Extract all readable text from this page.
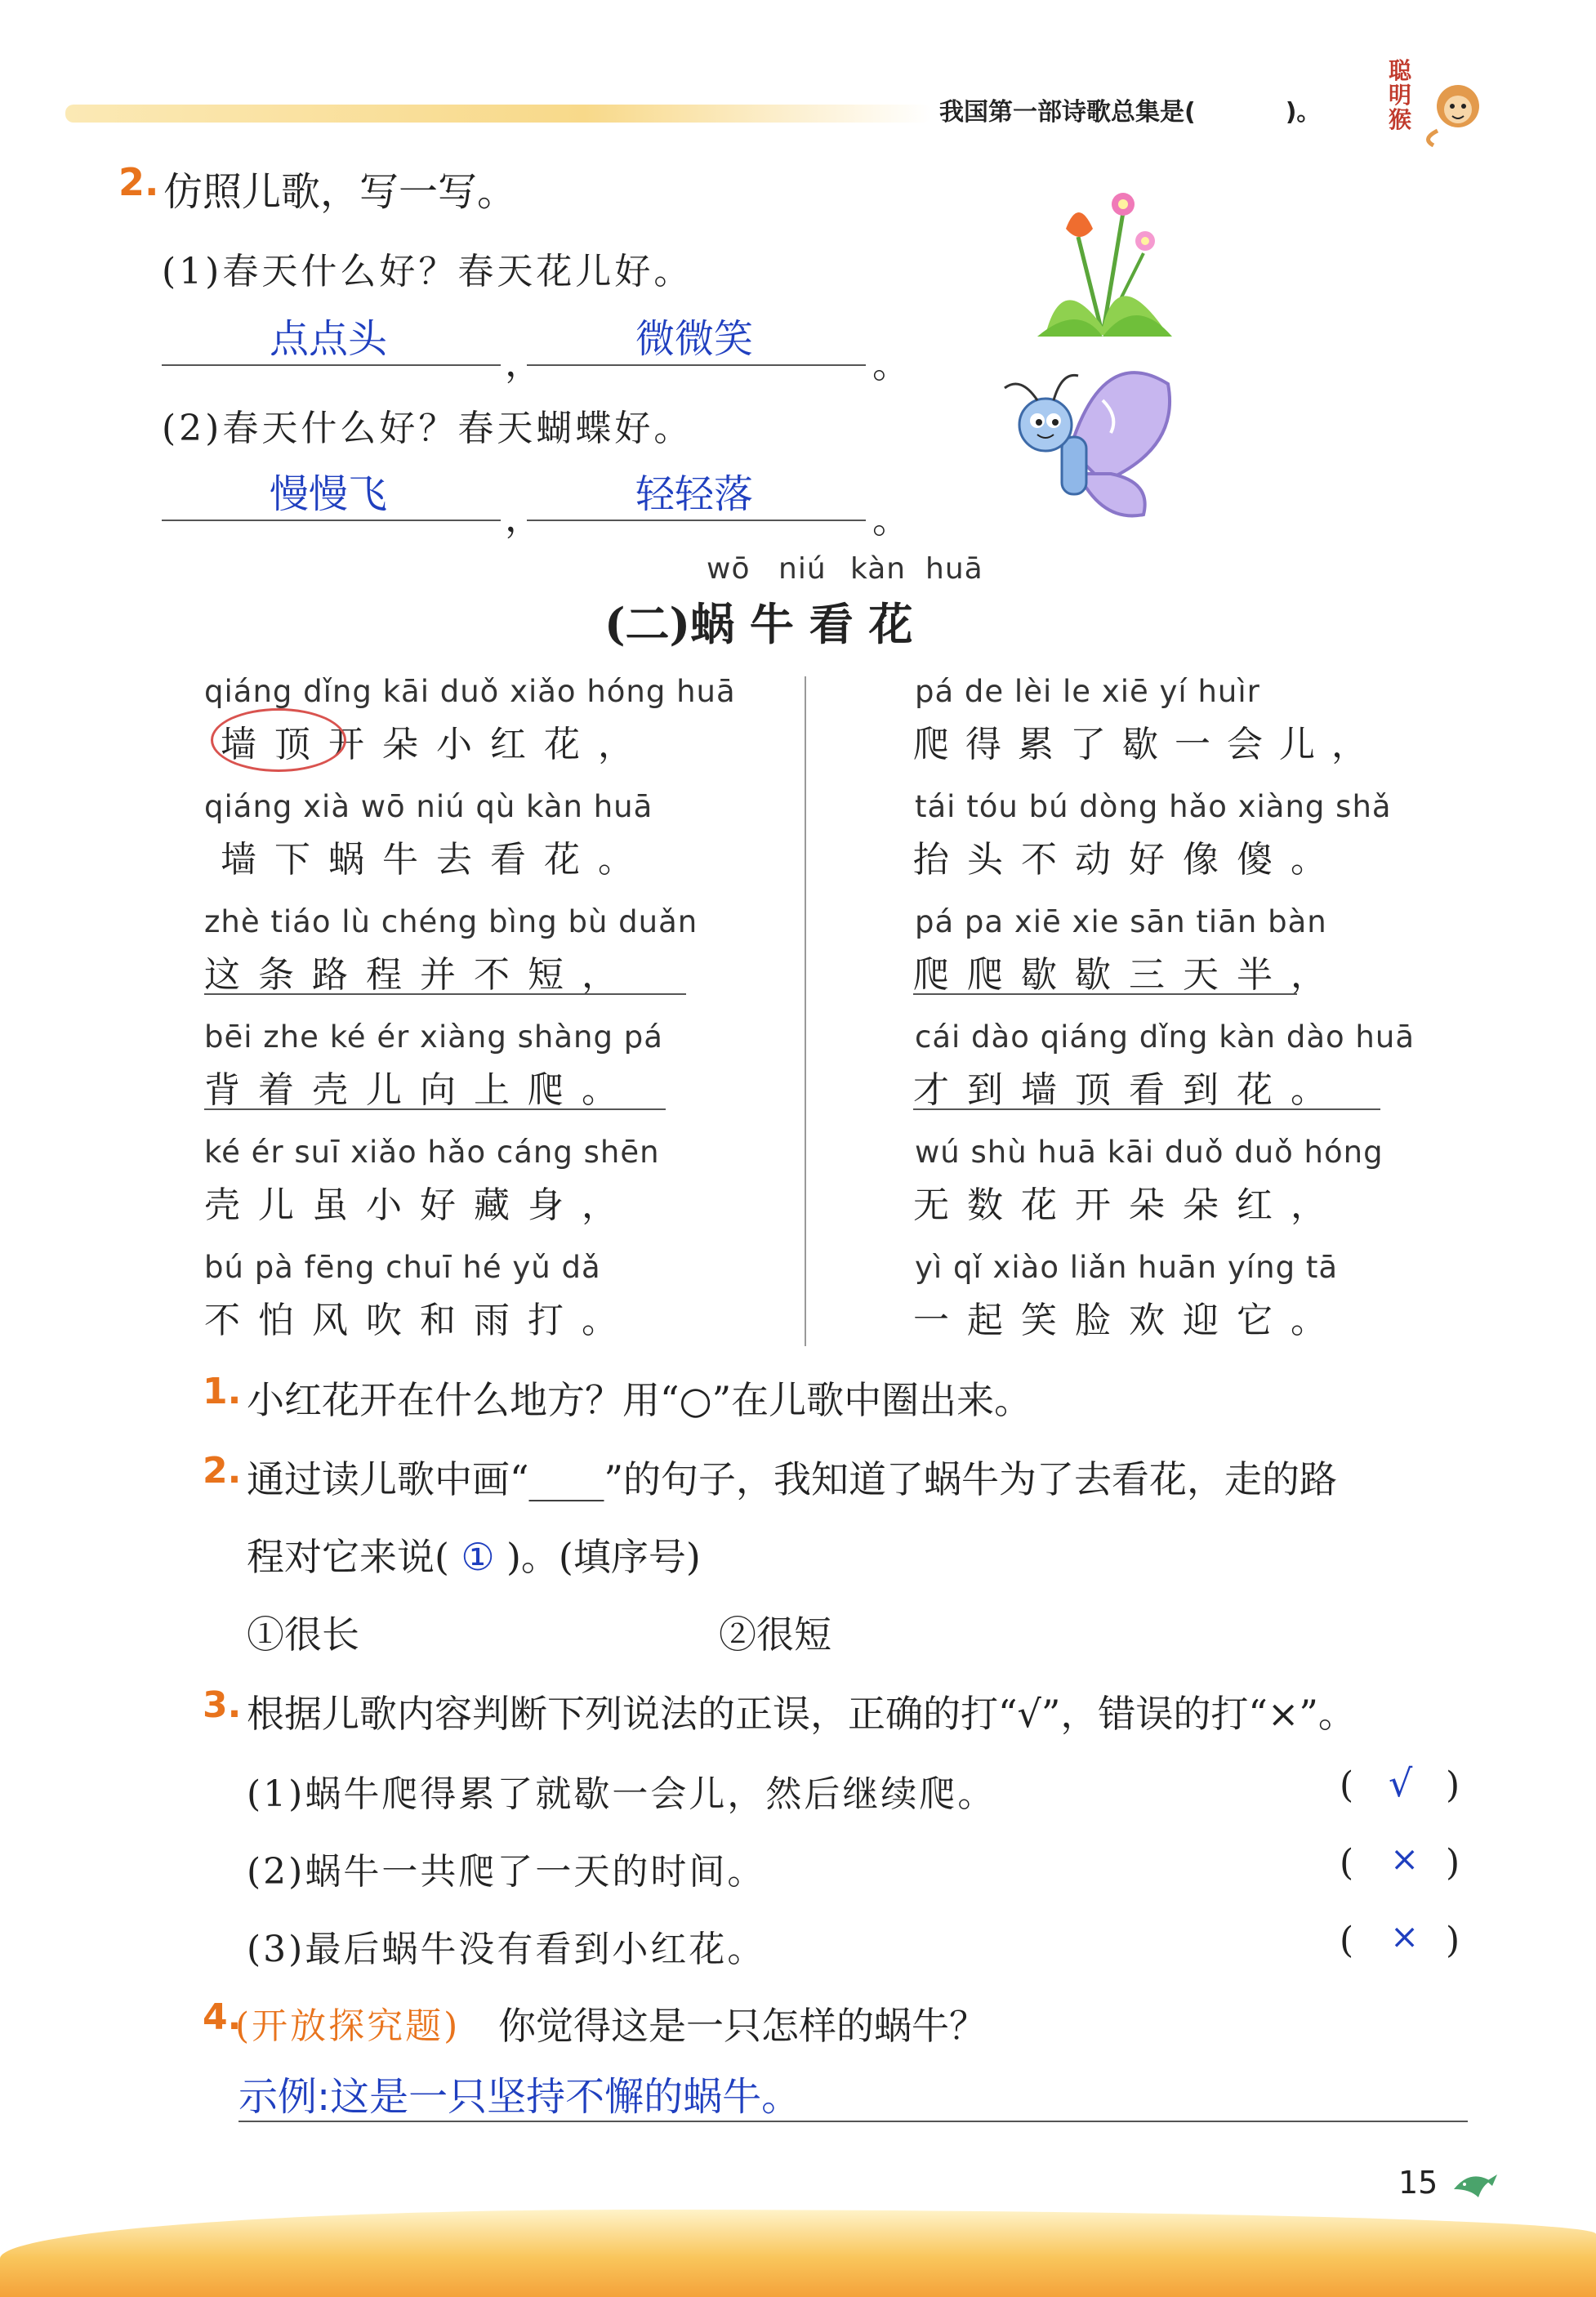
我国第一部诗歌总集是(	)。
聪明猴
2. 仿照儿歌，写一写。
(1)春天什么好？春天花儿好。
点点头
，
微微笑
。
(2)春天什么好？春天蝴蝶好。
慢慢飞
，
轻轻落
。
wō niú kàn huā
(二)蜗 牛 看 花
qiáng dǐng kāi duǒ xiǎo hóng huā
墙顶开朵小红花，
qiáng xià wō niú qù kàn huā
墙下蜗牛去看花。
zhè tiáo lù chéng bìng bù duǎn
这条路程并不短，
bēi zhe ké ér xiàng shàng pá
背着壳儿向上爬。
ké ér suī xiǎo hǎo cáng shēn
壳儿虽小好藏身，
bú pà fēng chuī hé yǔ dǎ
不怕风吹和雨打。
pá de lèi le xiē yí huìr
爬得累了歇一会儿，
tái tóu bú dòng hǎo xiàng shǎ
抬头不动好像傻。
pá pa xiē xie sān tiān bàn
爬爬歇歇三天半，
cái dào qiáng dǐng kàn dào huā
才到墙顶看到花。
wú shù huā kāi duǒ duǒ hóng
无数花开朵朵红，
yì qǐ xiào liǎn huān yíng tā
一起笑脸欢迎它。
1. 小红花开在什么地方？用“○”在儿歌中圈出来。
2. 通过读儿歌中画“____”的句子，我知道了蜗牛为了去看花，走的路
程对它来说( ① )。(填序号)
①很长	②很短
3. 根据儿歌内容判断下列说法的正误，正确的打“√”，错误的打“×”。
(1)蜗牛爬得累了就歇一会儿，然后继续爬。	( √ )
(2)蜗牛一共爬了一天的时间。	( × )
(3)最后蜗牛没有看到小红花。	( × )
4.
(开放探究题) 你觉得这是一只怎样的蜗牛？
示例:这是一只坚持不懈的蜗牛。
15
